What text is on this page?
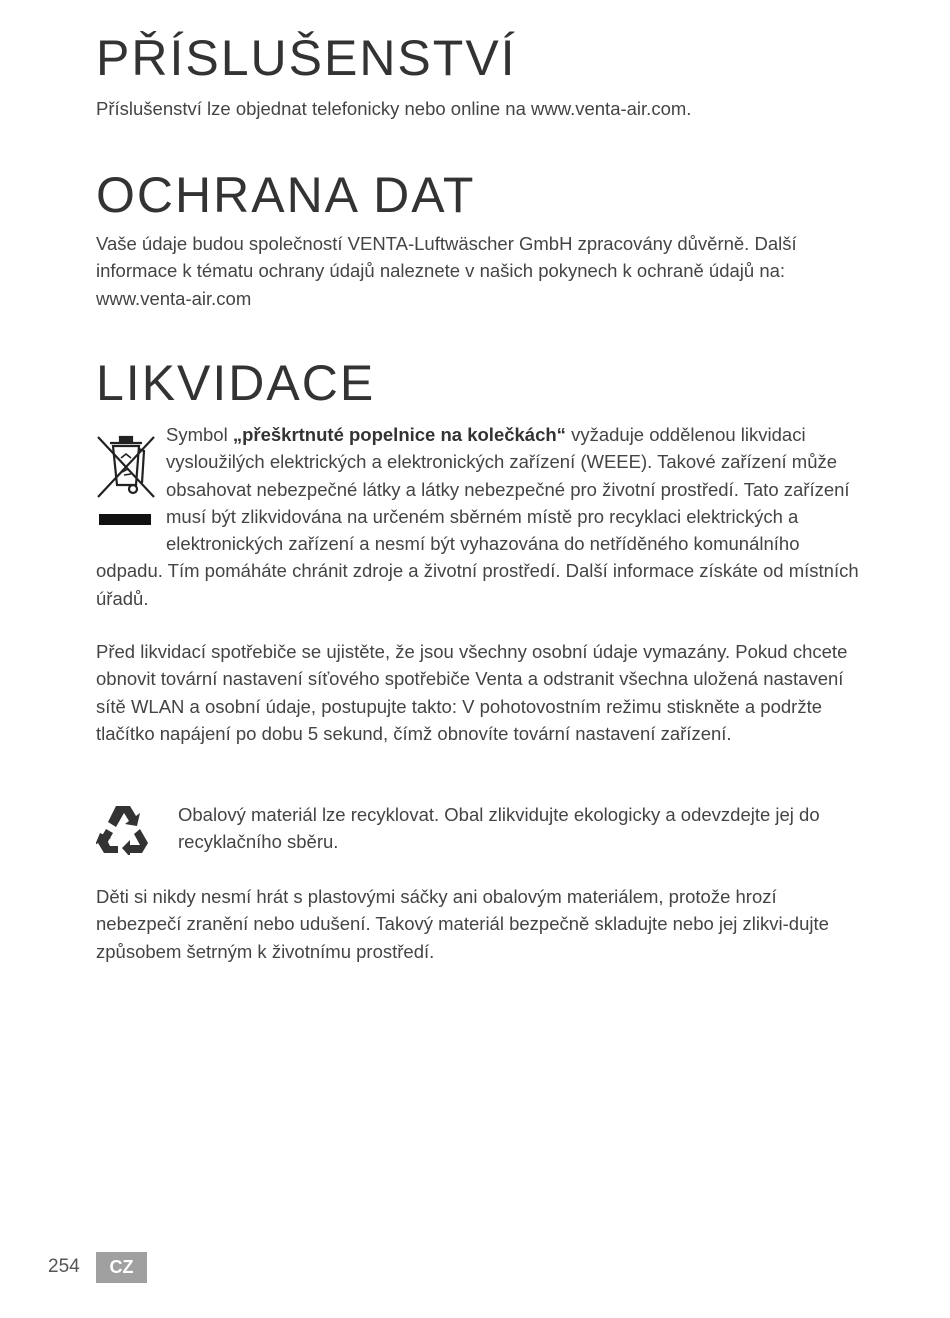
PŘÍSLUŠENSTVÍ

Příslušenství lze objednat telefonicky nebo online na www.venta-air.com.

OCHRANA DAT

Vaše údaje budou společností VENTA-Luftwäscher GmbH zpracovány důvěrně. Další informace k tématu ochrany údajů naleznete v našich pokynech k ochraně údajů na: www.venta-air.com

LIKVIDACE
Symbol „přeškrtnuté popelnice na kolečkách“ vyžaduje oddělenou likvidaci vysloužilých elektrických a elektronických zařízení (WEEE). Takové zařízení může obsahovat nebezpečné látky a látky nebezpečné pro životní prostředí. Tato zařízení musí být zlikvidována na určeném sběrném místě pro recyklaci elektrických a elektronických zařízení a nesmí být vyhazována do netříděného komunálního odpadu. Tím pomáháte chránit zdroje a životní prostředí. Další informace získáte od místních úřadů.

Před likvidací spotřebiče se ujistěte, že jsou všechny osobní údaje vymazány. Pokud chcete obnovit tovární nastavení síťového spotřebiče Venta a odstranit všechna uložená nastavení sítě WLAN a osobní údaje, postupujte takto: V pohotovostním režimu stiskněte a podržte tlačítko napájení po dobu 5 sekund, čímž obnovíte tovární nastavení zařízení.

Obalový materiál lze recyklovat. Obal zlikvidujte ekologicky a odevzdejte jej do recyklačního sběru.

Děti si nikdy nesmí hrát s plastovými sáčky ani obalovým materiálem, protože hrozí nebezpečí zranění nebo udušení. Takový materiál bezpečně skladujte nebo jej zlikvi-dujte způsobem šetrným k životnímu prostředí.

254	CZ
